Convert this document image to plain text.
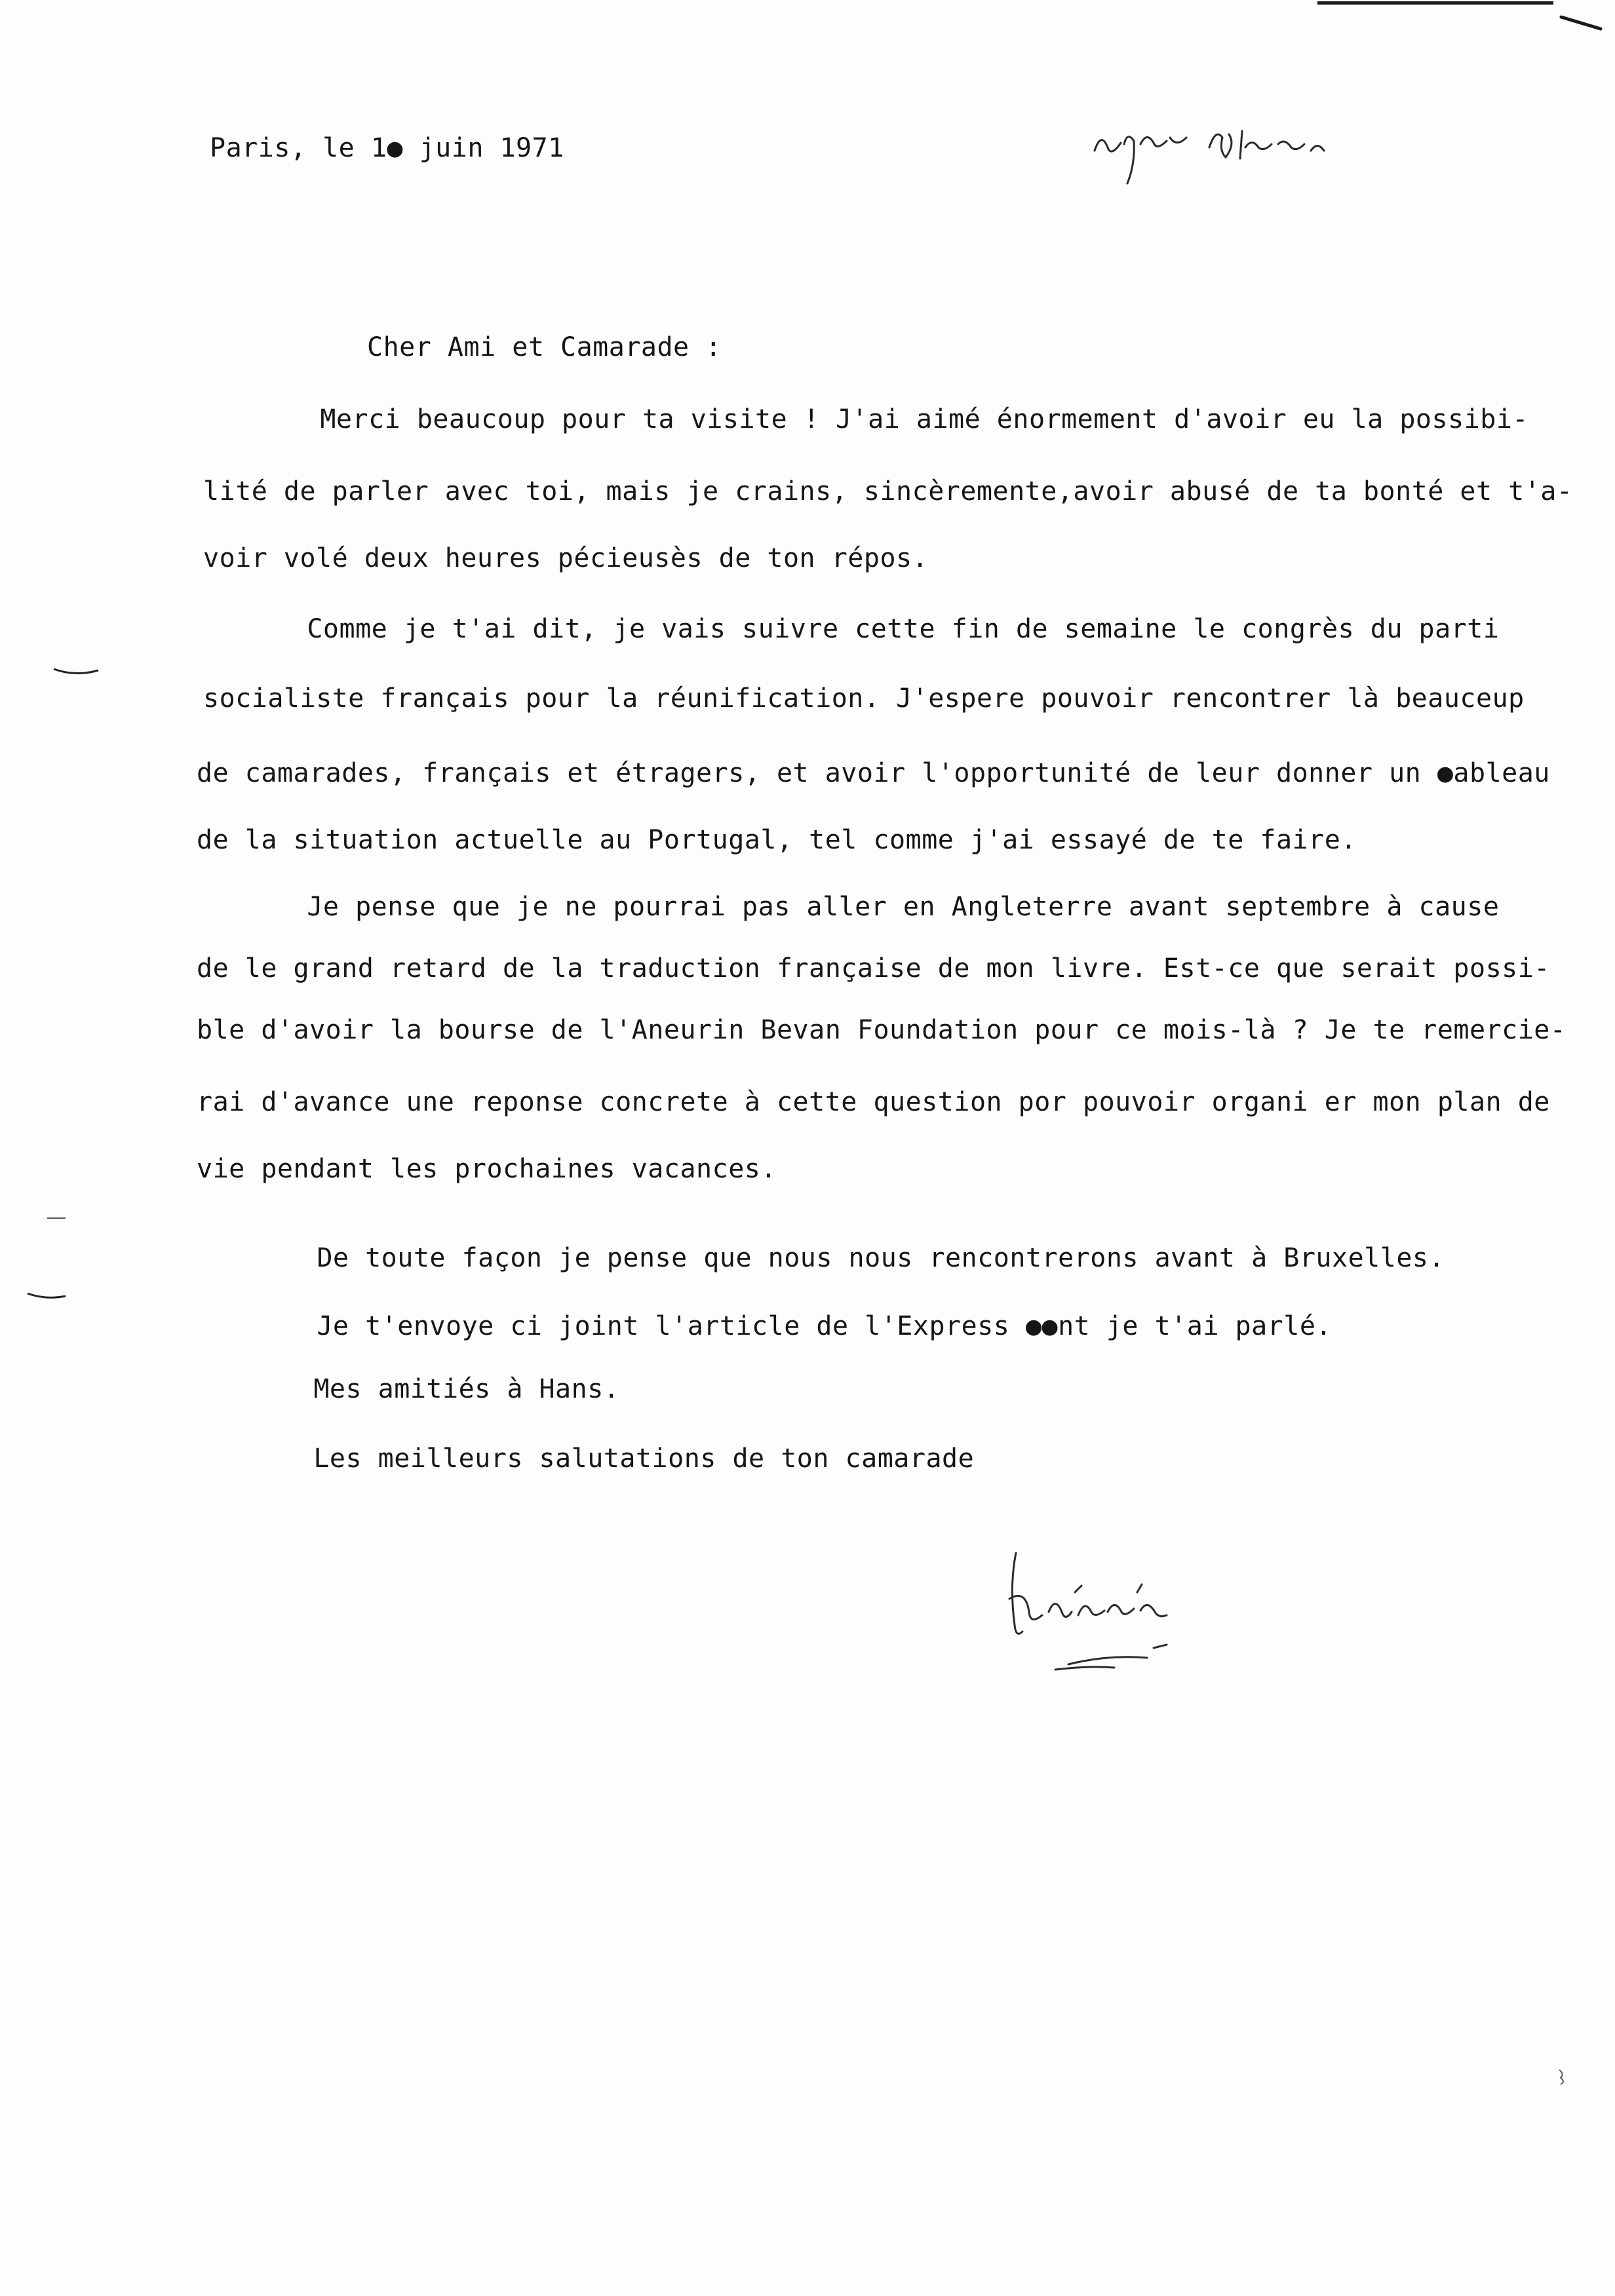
Paris, le 1● juin 1971
Cher Ami et Camarade :
Merci beaucoup pour ta visite ! J'ai aimé énormement d'avoir eu la possibi-
lité de parler avec toi, mais je crains, sincèremente,avoir abusé de ta bonté et t'a-
voir volé deux heures pécieusès de ton répos.
Comme je t'ai dit, je vais suivre cette fin de semaine le congrès du parti
socialiste français pour la réunification. J'espere pouvoir rencontrer là beauceup
de camarades, français et étragers, et avoir l'opportunité de leur donner un ●ableau
de la situation actuelle au Portugal, tel comme j'ai essayé de te faire.
Je pense que je ne pourrai pas aller en Angleterre avant septembre à cause
de le grand retard de la traduction française de mon livre. Est-ce que serait possi-
ble d'avoir la bourse de l'Aneurin Bevan Foundation pour ce mois-là ? Je te remercie-
rai d'avance une reponse concrete à cette question por pouvoir organi er mon plan de
vie pendant les prochaines vacances.
De toute façon je pense que nous nous rencontrerons avant à Bruxelles.
Je t'envoye ci joint l'article de l'Express ●●nt je t'ai parlé.
Mes amitiés à Hans.
Les meilleurs salutations de ton camarade
